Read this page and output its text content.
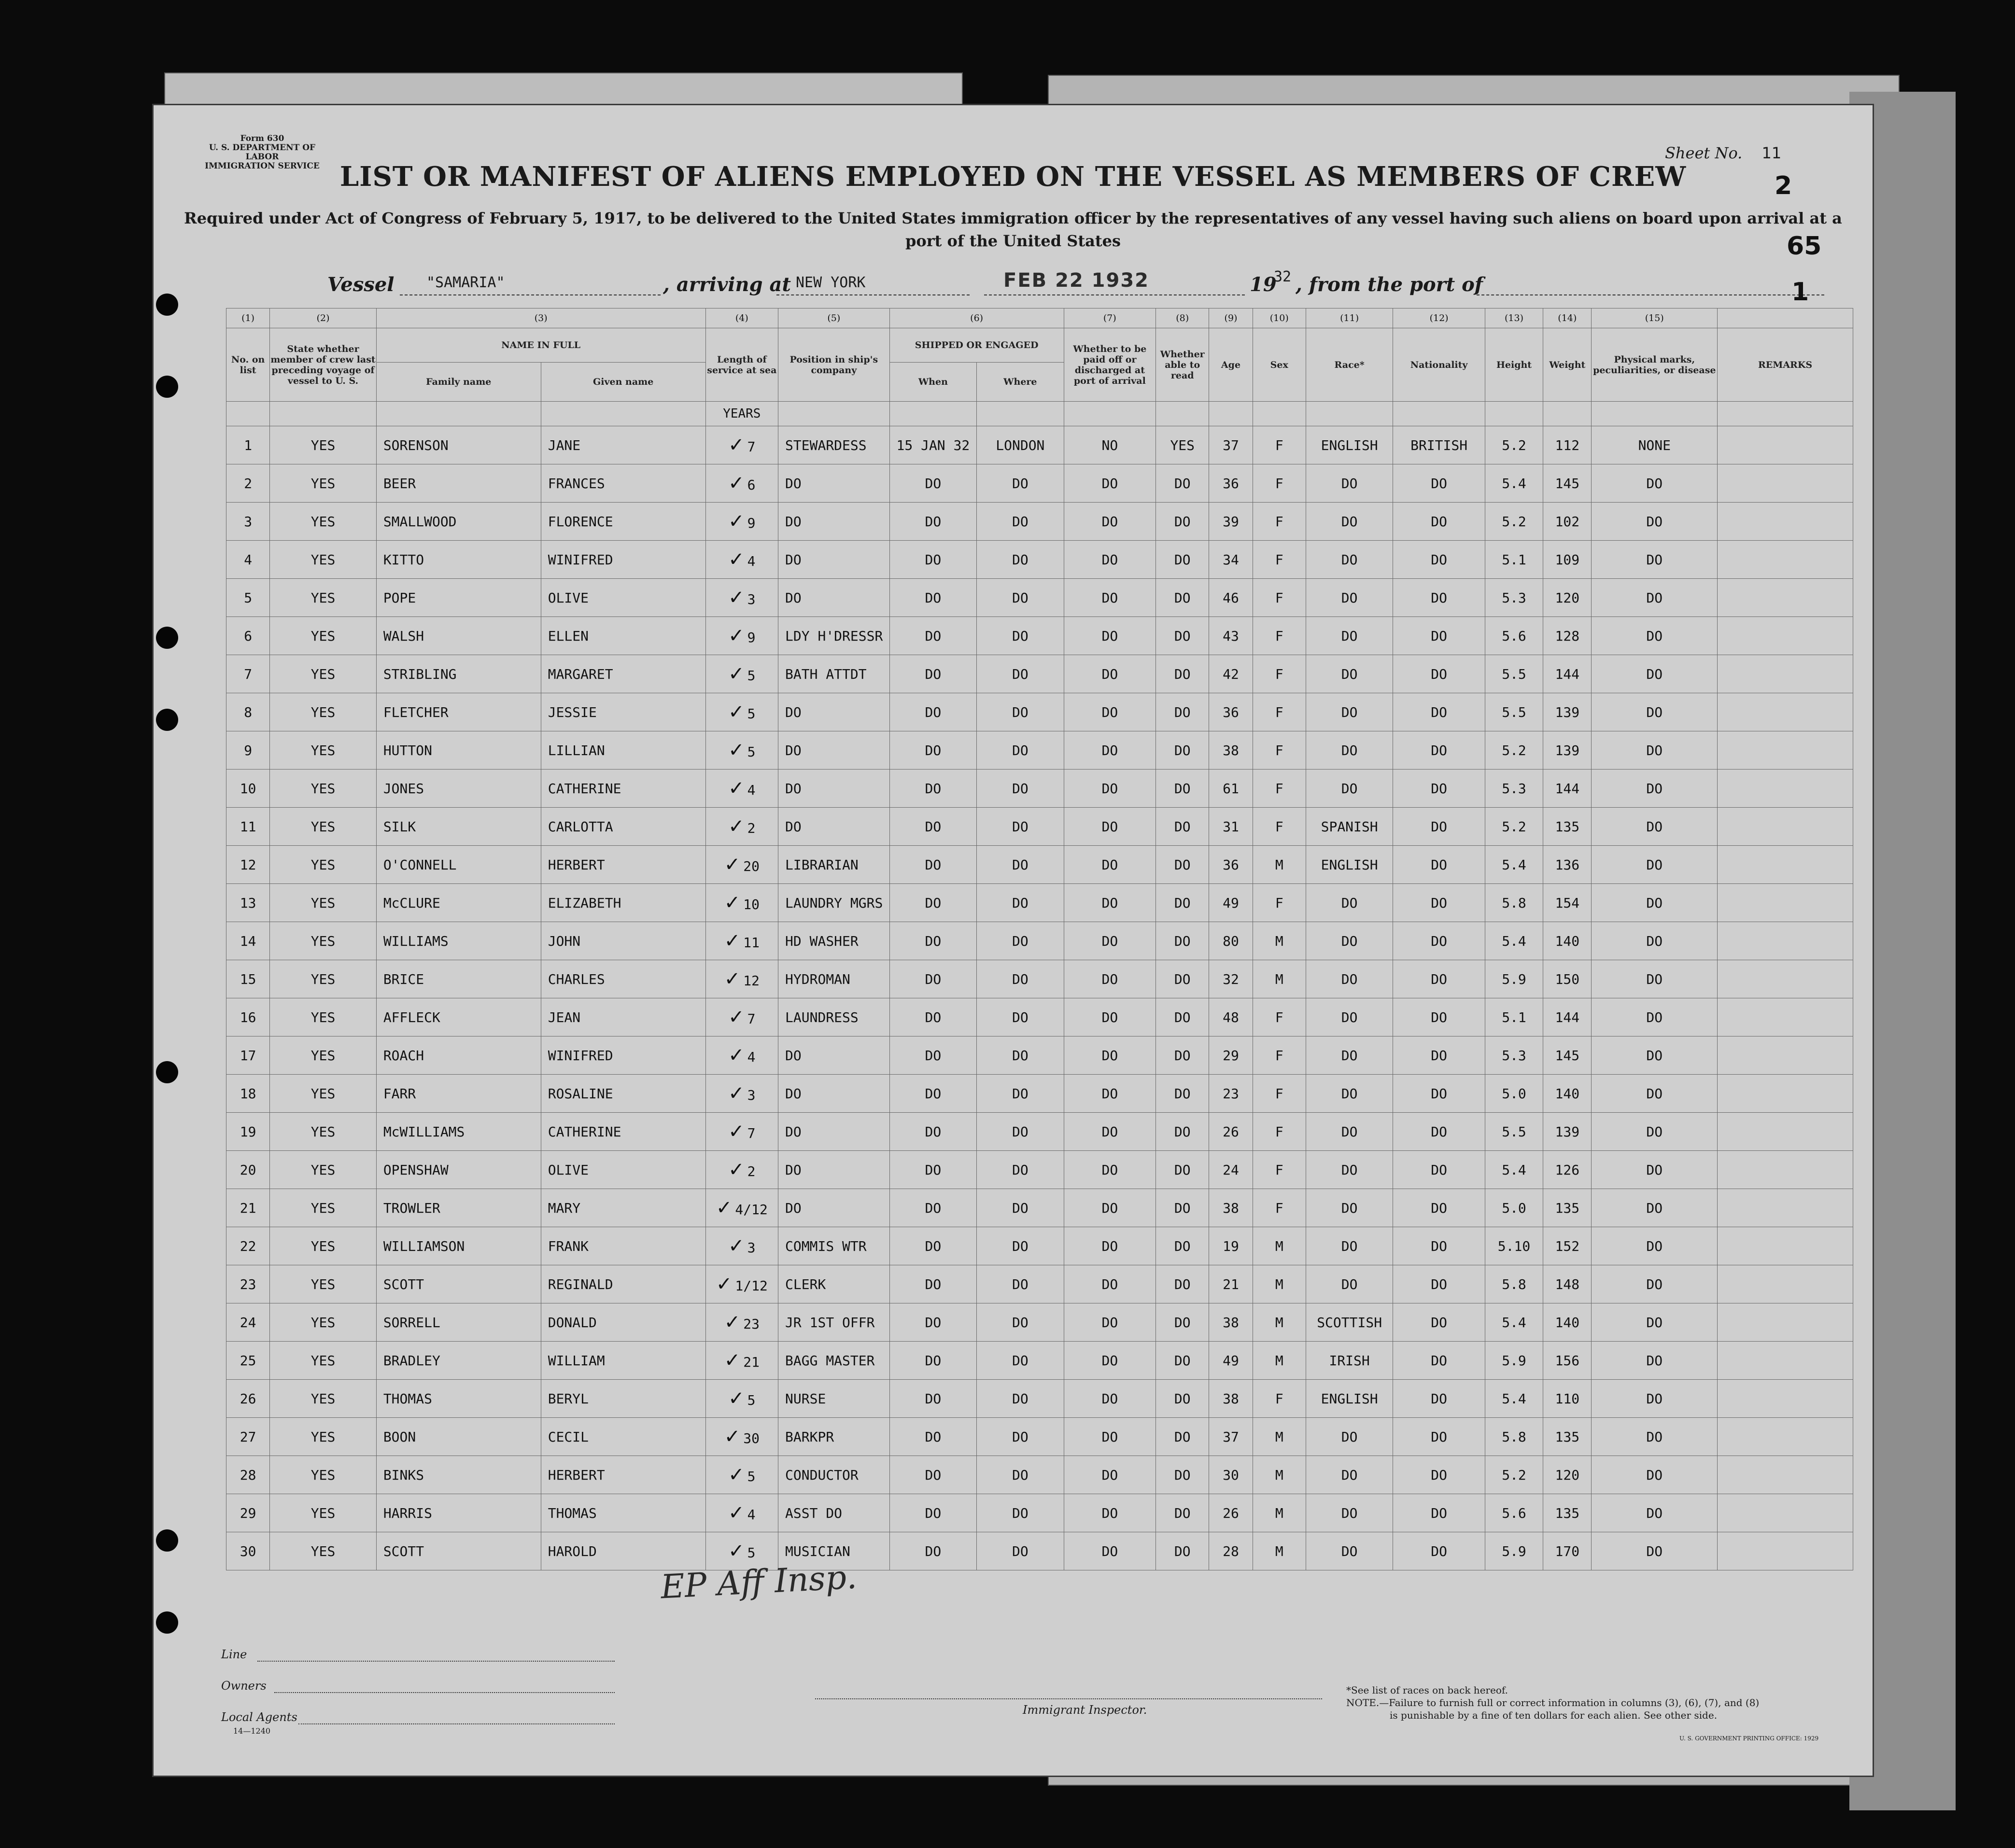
Form 630
U. S. DEPARTMENT OF LABOR
IMMIGRATION SERVICE
Sheet No. 11
LIST OR MANIFEST OF ALIENS EMPLOYED ON THE VESSEL AS MEMBERS OF CREW
Required under Act of Congress of February 5, 1917, to be delivered to the United States immigration officer by the representatives of any vessel having such aliens on board upon arrival at a
port of the United States
Vessel "SAMARIA"	, arriving at NEW YORK	FEB 22 1932	19
32 , from the port of
(1)	(2)	(3)		(4)	(5)	(6)		(7)	(8)	(9)	(10)	(11)	(12)	(13)	(14)	(15)	
No. on list	State whether member of crew last preceding voyage of vessel to U. S.	NAME IN FULL		Length of service at sea	Position in ship's company	SHIPPED OR ENGAGED		Whether to be paid off or discharged at port of arrival	Whether able to read	Age	Sex	Race*	Nationality	Height	Weight	Physical marks, peculiarities, or disease	REMARKS
		Family name	Given name			When	Where										
				YEARS													
1	YES	SORENSON	JANE	✓ 7	STEWARDESS	15 JAN 32	LONDON	NO	YES	37	F	ENGLISH	BRITISH	5.2	112	NONE	
2	YES	BEER	FRANCES	✓ 6	DO	DO	DO	DO	DO	36	F	DO	DO	5.4	145	DO	
3	YES	SMALLWOOD	FLORENCE	✓ 9	DO	DO	DO	DO	DO	39	F	DO	DO	5.2	102	DO	
4	YES	KITTO	WINIFRED	✓ 4	DO	DO	DO	DO	DO	34	F	DO	DO	5.1	109	DO	
5	YES	POPE	OLIVE	✓ 3	DO	DO	DO	DO	DO	46	F	DO	DO	5.3	120	DO	
6	YES	WALSH	ELLEN	✓ 9	LDY H'DRESSR	DO	DO	DO	DO	43	F	DO	DO	5.6	128	DO	
7	YES	STRIBLING	MARGARET	✓ 5	BATH ATTDT	DO	DO	DO	DO	42	F	DO	DO	5.5	144	DO	
8	YES	FLETCHER	JESSIE	✓ 5	DO	DO	DO	DO	DO	36	F	DO	DO	5.5	139	DO	
9	YES	HUTTON	LILLIAN	✓ 5	DO	DO	DO	DO	DO	38	F	DO	DO	5.2	139	DO	
10	YES	JONES	CATHERINE	✓ 4	DO	DO	DO	DO	DO	61	F	DO	DO	5.3	144	DO	
11	YES	SILK	CARLOTTA	✓ 2	DO	DO	DO	DO	DO	31	F	SPANISH	DO	5.2	135	DO	
12	YES	O'CONNELL	HERBERT	✓ 20	LIBRARIAN	DO	DO	DO	DO	36	M	ENGLISH	DO	5.4	136	DO	
13	YES	McCLURE	ELIZABETH	✓ 10	LAUNDRY MGRS	DO	DO	DO	DO	49	F	DO	DO	5.8	154	DO	
14	YES	WILLIAMS	JOHN	✓ 11	HD WASHER	DO	DO	DO	DO	80	M	DO	DO	5.4	140	DO	
15	YES	BRICE	CHARLES	✓ 12	HYDROMAN	DO	DO	DO	DO	32	M	DO	DO	5.9	150	DO	
16	YES	AFFLECK	JEAN	✓ 7	LAUNDRESS	DO	DO	DO	DO	48	F	DO	DO	5.1	144	DO	
17	YES	ROACH	WINIFRED	✓ 4	DO	DO	DO	DO	DO	29	F	DO	DO	5.3	145	DO	
18	YES	FARR	ROSALINE	✓ 3	DO	DO	DO	DO	DO	23	F	DO	DO	5.0	140	DO	
19	YES	McWILLIAMS	CATHERINE	✓ 7	DO	DO	DO	DO	DO	26	F	DO	DO	5.5	139	DO	
20	YES	OPENSHAW	OLIVE	✓ 2	DO	DO	DO	DO	DO	24	F	DO	DO	5.4	126	DO	
21	YES	TROWLER	MARY	✓ 4/12	DO	DO	DO	DO	DO	38	F	DO	DO	5.0	135	DO	
22	YES	WILLIAMSON	FRANK	✓ 3	COMMIS WTR	DO	DO	DO	DO	19	M	DO	DO	5.10	152	DO	
23	YES	SCOTT	REGINALD	✓ 1/12	CLERK	DO	DO	DO	DO	21	M	DO	DO	5.8	148	DO	
24	YES	SORRELL	DONALD	✓ 23	JR 1ST OFFR	DO	DO	DO	DO	38	M	SCOTTISH	DO	5.4	140	DO	
25	YES	BRADLEY	WILLIAM	✓ 21	BAGG MASTER	DO	DO	DO	DO	49	M	IRISH	DO	5.9	156	DO	
26	YES	THOMAS	BERYL	✓ 5	NURSE	DO	DO	DO	DO	38	F	ENGLISH	DO	5.4	110	DO	
27	YES	BOON	CECIL	✓ 30	BARKPR	DO	DO	DO	DO	37	M	DO	DO	5.8	135	DO	
28	YES	BINKS	HERBERT	✓ 5	CONDUCTOR	DO	DO	DO	DO	30	M	DO	DO	5.2	120	DO	
29	YES	HARRIS	THOMAS	✓ 4	ASST DO	DO	DO	DO	DO	26	M	DO	DO	5.6	135	DO	
30	YES	SCOTT	HAROLD	✓ 5	MUSICIAN	DO	DO	DO	DO	28	M	DO	DO	5.9	170	DO	
EP Aff Insp.
Line
Owners
Local Agents
14—1240
Immigrant Inspector.
*See list of races on back hereof.
NOTE.—Failure to furnish full or correct information in columns (3), (6), (7), and (8)
is punishable by a fine of ten dollars for each alien. See other side.
U. S. GOVERNMENT PRINTING OFFICE: 1929
2
65
1
